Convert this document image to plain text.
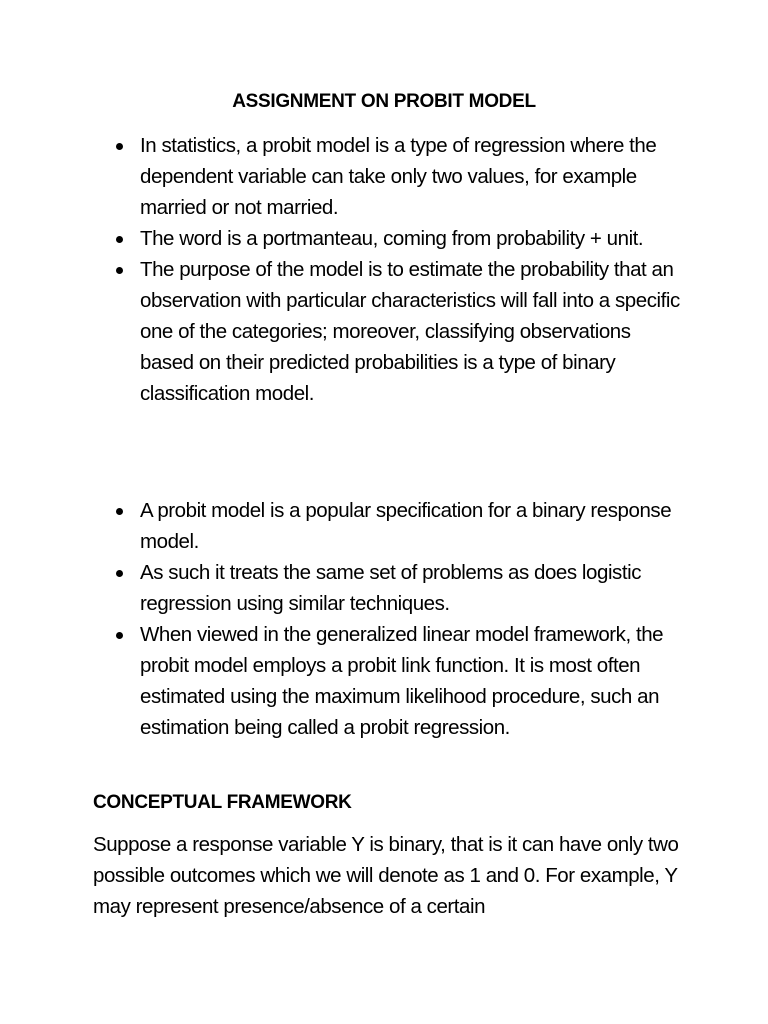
ASSIGNMENT ON PROBIT MODEL
In statistics, a probit model is a type of regression where the dependent variable can take only two values, for example married or not married.
The word is a portmanteau, coming from probability + unit.
The purpose of the model is to estimate the probability that an observation with particular characteristics will fall into a specific one of the categories; moreover, classifying observations based on their predicted probabilities is a type of binary classification model.
A probit model is a popular specification for a binary response model.
As such it treats the same set of problems as does logistic regression using similar techniques.
When viewed in the generalized linear model framework, the probit model employs a probit link function. It is most often estimated using the maximum likelihood procedure, such an estimation being called a probit regression.
CONCEPTUAL FRAMEWORK

Suppose a response variable Y is binary, that is it can have only two possible outcomes which we will denote as 1 and 0. For example, Y may represent presence/absence of a certain
